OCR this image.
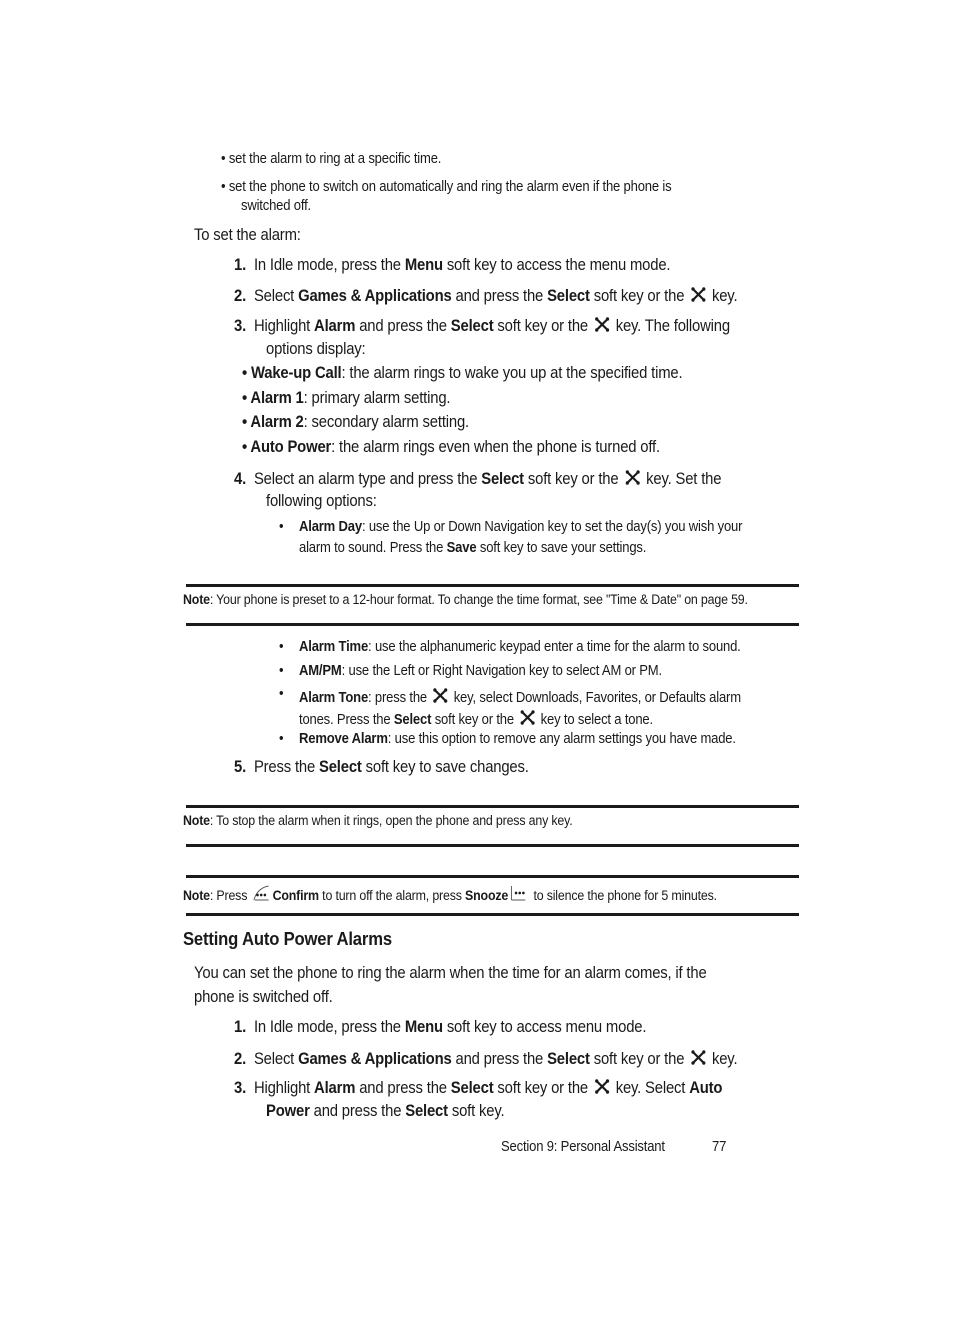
• set the alarm to ring at a specific time.
• set the phone to switch on automatically and ring the alarm even if the phone is
switched off.
To set the alarm:
1. In Idle mode, press the Menu soft key to access the menu mode.
2. Select Games & Applications and press the Select soft key or the
key.
3. Highlight Alarm and press the Select soft key or the
key. The following
options display:
• Wake-up Call: the alarm rings to wake you up at the specified time.
• Alarm 1: primary alarm setting.
• Alarm 2: secondary alarm setting.
• Auto Power: the alarm rings even when the phone is turned off.
4. Select an alarm type and press the Select soft key or the
key. Set the
following options:
• Alarm Day: use the Up or Down Navigation key to set the day(s) you wish your
alarm to sound. Press the Save soft key to save your settings.
Note: Your phone is preset to a 12-hour format. To change the time format, see "Time & Date" on page 59.
• Alarm Time: use the alphanumeric keypad enter a time for the alarm to sound.
• AM/PM: use the Left or Right Navigation key to select AM or PM.
• Alarm Tone: press the
key, select Downloads, Favorites, or Defaults alarm
tones. Press the Select soft key or the
key to select a tone.
• Remove Alarm: use this option to remove any alarm settings you have made.
5. Press the Select soft key to save changes.
Note: To stop the alarm when it rings, open the phone and press any key.
Note: Press
Confirm to turn off the alarm, press Snooze
to silence the phone for 5 minutes.
Setting Auto Power Alarms
You can set the phone to ring the alarm when the time for an alarm comes, if the
phone is switched off.
1. In Idle mode, press the Menu soft key to access menu mode.
2. Select Games & Applications and press the Select soft key or the
key.
3. Highlight Alarm and press the Select soft key or the
key. Select Auto
Power and press the Select soft key.
Section 9: Personal Assistant	77
